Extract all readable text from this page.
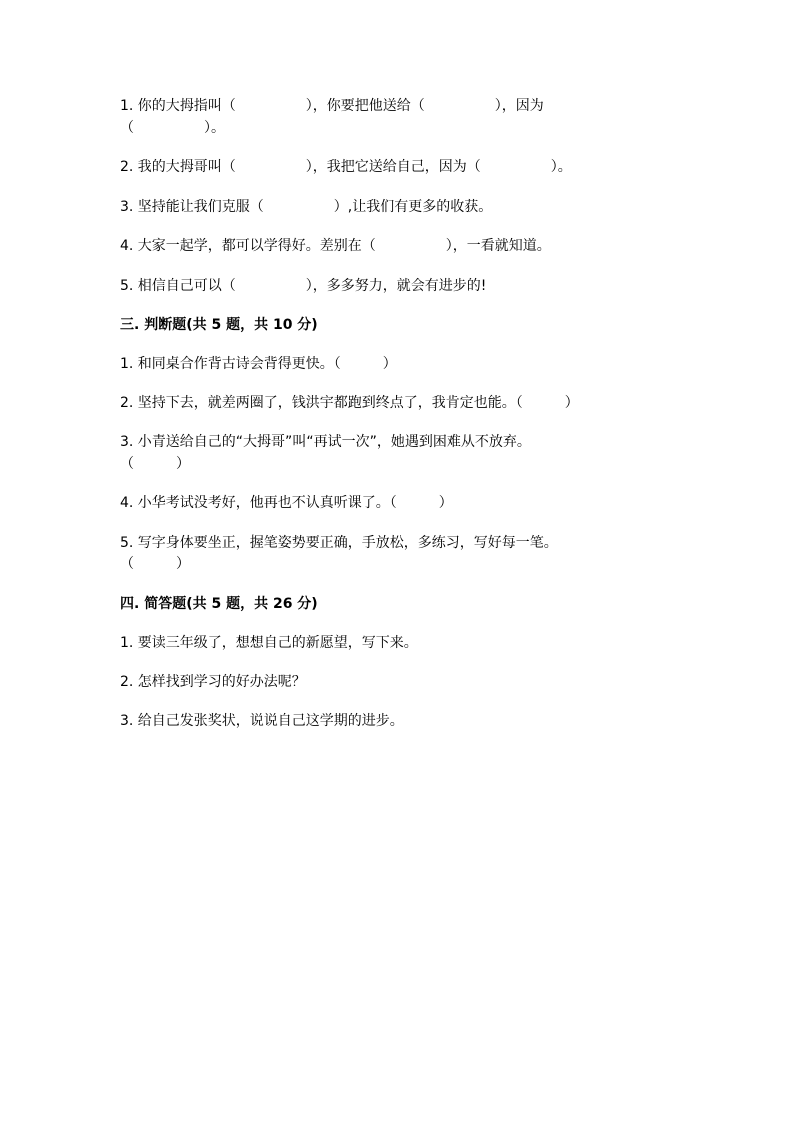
1. 你的大拇指叫（　　　　　），你要把他送给（　　　　　），因为
（　　　　　）。
2. 我的大拇哥叫（　　　　　），我把它送给自己，因为（　　　　　）。
3. 坚持能让我们克服（　　　　　）,让我们有更多的收获。
4. 大家一起学，都可以学得好。差别在（　　　　　），一看就知道。
5. 相信自己可以（　　　　　），多多努力，就会有进步的!
三. 判断题(共 5 题，共 10 分)
1. 和同桌合作背古诗会背得更快。（　　　）
2. 坚持下去，就差两圈了，钱洪宇都跑到终点了，我肯定也能。（　　　）
3. 小青送给自己的“大拇哥”叫“再试一次”，她遇到困难从不放弃。
（　　　）
4. 小华考试没考好，他再也不认真听课了。（　　　）
5. 写字身体要坐正，握笔姿势要正确，手放松，多练习，写好每一笔。
（　　　）
四. 简答题(共 5 题，共 26 分)
1. 要读三年级了，想想自己的新愿望，写下来。
2. 怎样找到学习的好办法呢？
3. 给自己发张奖状，说说自己这学期的进步。
